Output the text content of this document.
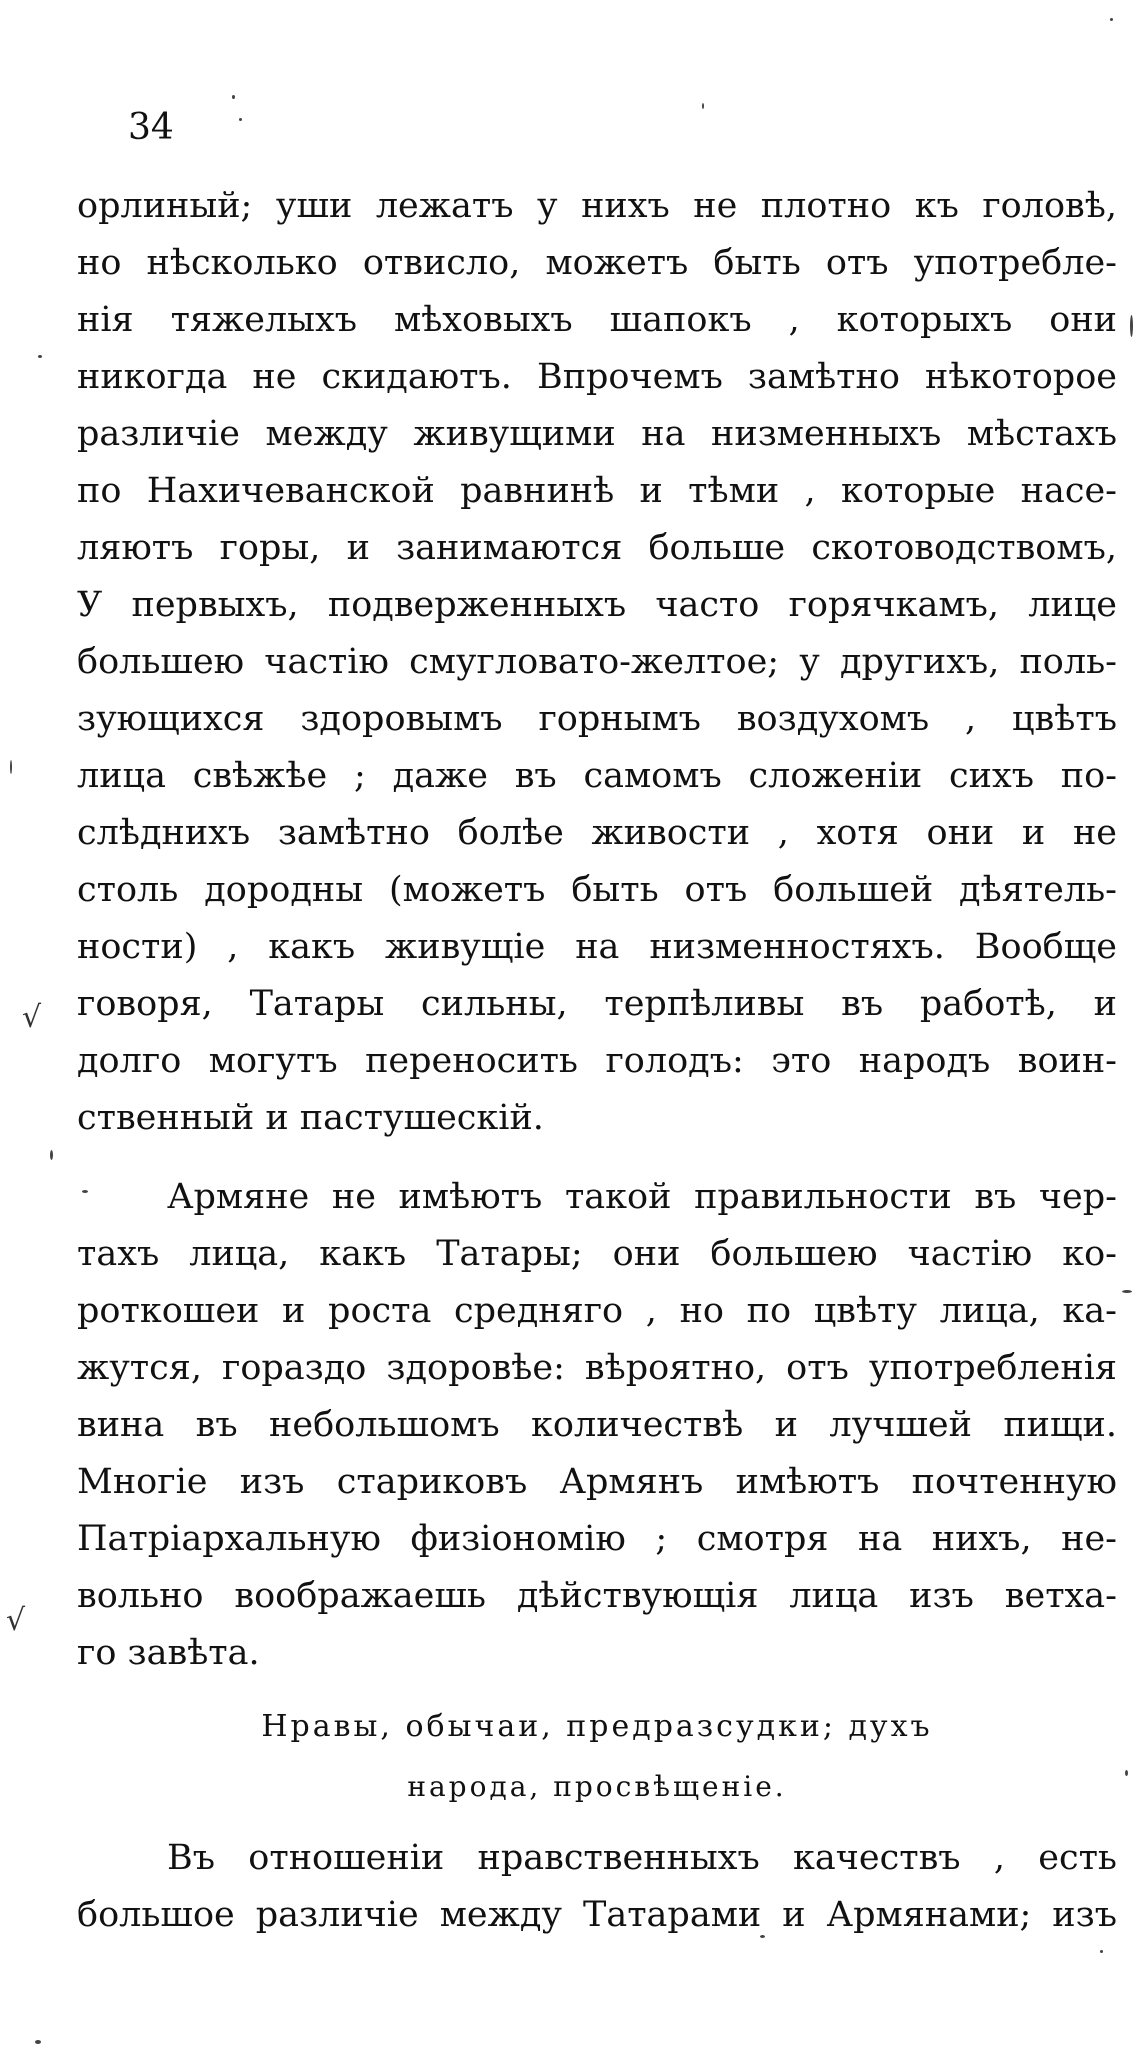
34
орлиный; уши лежатъ у нихъ не плотно къ головѣ,
но нѣсколько отвисло, можетъ быть отъ употребле-
нія тяжелыхъ мѣховыхъ шапокъ , которыхъ они
никогда не скидаютъ. Впрочемъ замѣтно нѣкоторое
различіе между живущими на низменныхъ мѣстахъ
по Нахичеванской равнинѣ и тѣми , которые насе-
ляютъ горы, и занимаются больше скотоводствомъ,
У первыхъ, подверженныхъ часто горячкамъ, лице
большею частію смугловато-желтое; у другихъ, поль-
зующихся здоровымъ горнымъ воздухомъ , цвѣтъ
лица свѣжѣе ; даже въ самомъ сложеніи сихъ по-
слѣднихъ замѣтно болѣе живости , хотя они и не
столь дородны (можетъ быть отъ большей дѣятель-
ности) , какъ живущіе на низменностяхъ. Вообще
говоря, Татары сильны, терпѣливы въ работѣ, и
долго могутъ переносить голодъ: это народъ воин-
ственный и пастушескій.
Армяне не имѣютъ такой правильности въ чер-
тахъ лица, какъ Татары; они большею частію ко-
роткошеи и роста средняго , но по цвѣту лица, ка-
жутся, гораздо здоровѣе: вѣроятно, отъ употребленія
вина въ небольшомъ количествѣ и лучшей пищи.
Многіе изъ стариковъ Армянъ имѣютъ почтенную
Патріархальную физіономію ; смотря на нихъ, не-
вольно воображаешь дѣйствующія лица изъ ветха-
го завѣта.
Нравы, обычаи, предразсудки; духъ
народа, просвѣщеніе.
Въ отношеніи нравственныхъ качествъ , есть
большое различіе между Татарами и Армянами; изъ
√
√
